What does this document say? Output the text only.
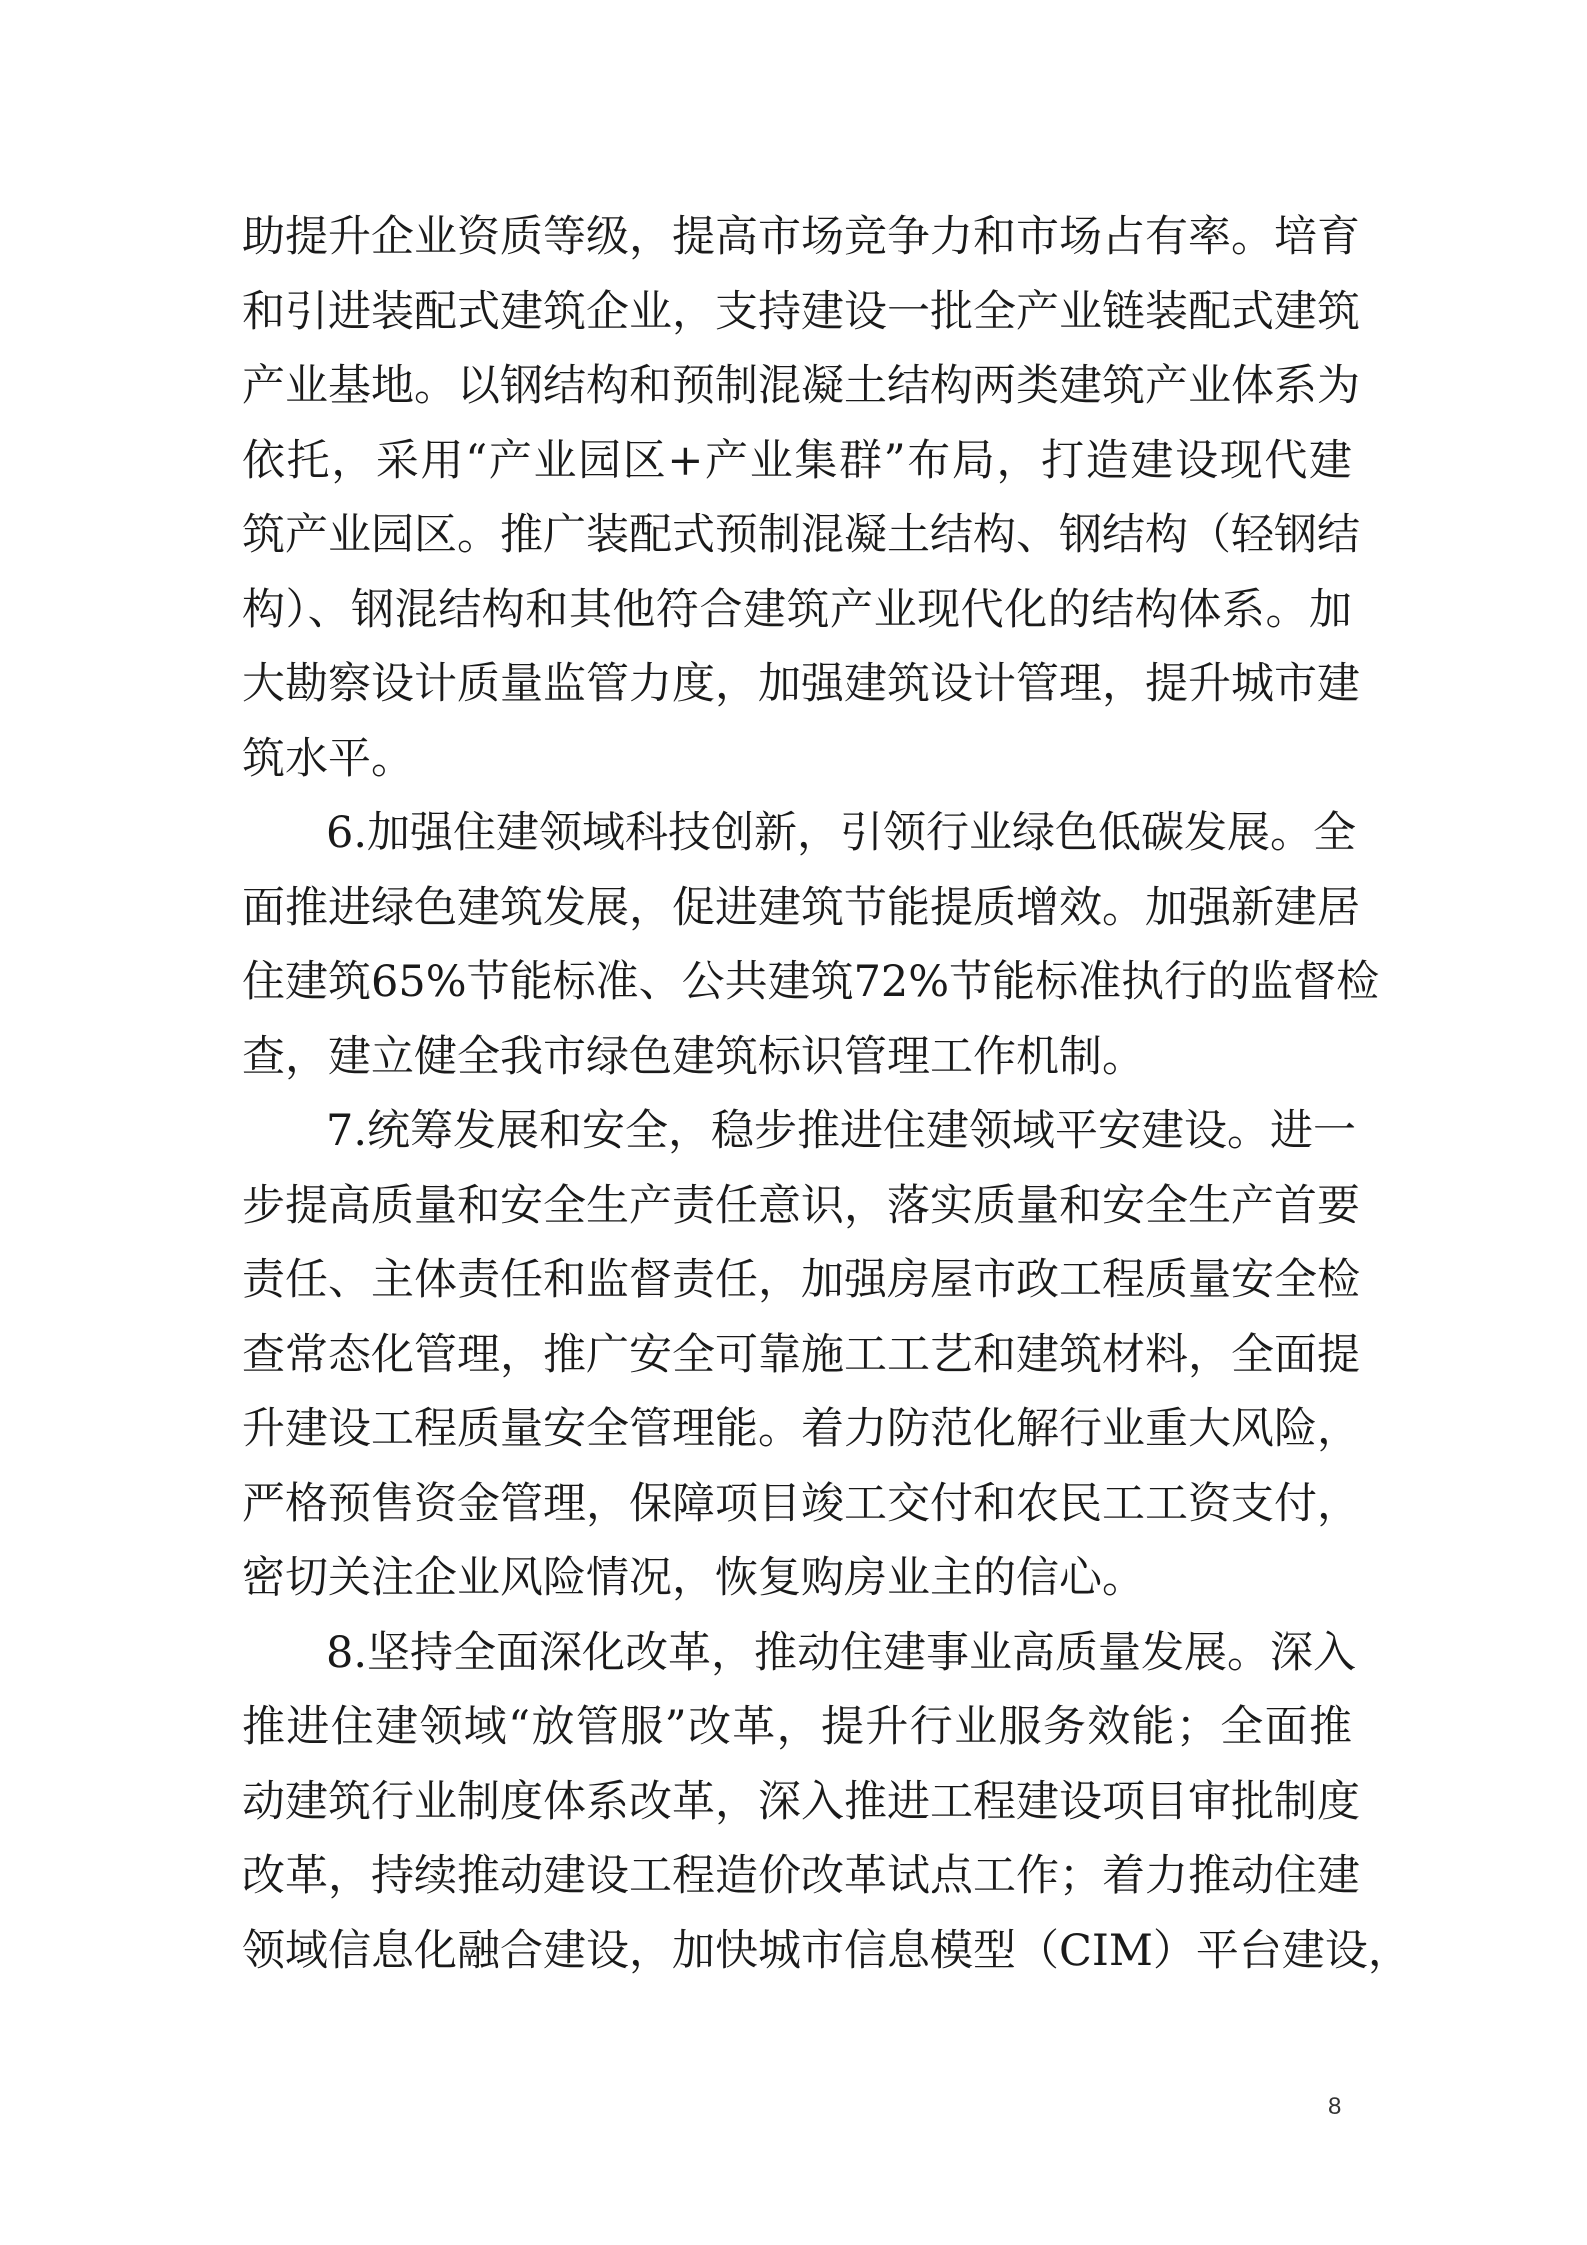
助提升企业资质等级，提高市场竞争力和市场占有率。培育
和引进装配式建筑企业，支持建设一批全产业链装配式建筑
产业基地。以钢结构和预制混凝土结构两类建筑产业体系为
依托，采用“产业园区+产业集群”布局，打造建设现代建
筑产业园区。推广装配式预制混凝土结构、钢结构（轻钢结
构）、钢混结构和其他符合建筑产业现代化的结构体系。加
大勘察设计质量监管力度，加强建筑设计管理，提升城市建
筑水平。
6.加强住建领域科技创新，引领行业绿色低碳发展。全
面推进绿色建筑发展，促进建筑节能提质增效。加强新建居
住建筑65%节能标准、公共建筑72%节能标准执行的监督检
查，建立健全我市绿色建筑标识管理工作机制。
7.统筹发展和安全，稳步推进住建领域平安建设。进一
步提高质量和安全生产责任意识，落实质量和安全生产首要
责任、主体责任和监督责任，加强房屋市政工程质量安全检
查常态化管理，推广安全可靠施工工艺和建筑材料，全面提
升建设工程质量安全管理能。着力防范化解行业重大风险，
严格预售资金管理，保障项目竣工交付和农民工工资支付，
密切关注企业风险情况，恢复购房业主的信心。
8.坚持全面深化改革，推动住建事业高质量发展。深入
推进住建领域“放管服”改革，提升行业服务效能；全面推
动建筑行业制度体系改革，深入推进工程建设项目审批制度
改革，持续推动建设工程造价改革试点工作；着力推动住建
领域信息化融合建设，加快城市信息模型（CIM）平台建设，
8
